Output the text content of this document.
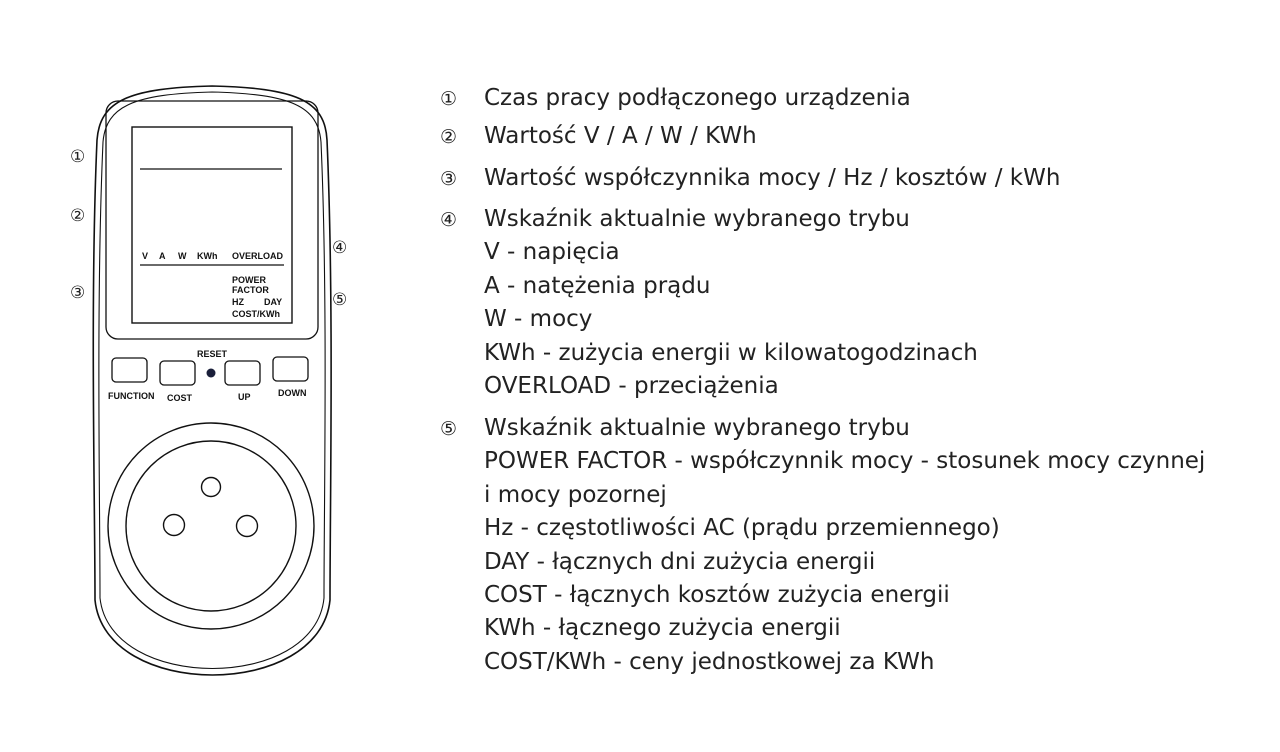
V A W KWh OVERLOAD
POWER
FACTOR
HZ DAY
COST/KWh
RESET
FUNCTION COST	UP	DOWN
①
②
③
④
⑤
①	Czas pracy podłączonego urządzenia
②	Wartość V / A / W / KWh
③	Wartość współczynnika mocy / Hz / kosztów / kWh
④	Wskaźnik aktualnie wybranego trybu
V - napięcia
A - natężenia prądu
W - mocy
KWh - zużycia energii w kilowatogodzinach
OVERLOAD - przeciążenia
⑤	Wskaźnik aktualnie wybranego trybu
POWER FACTOR - współczynnik mocy - stosunek mocy czynnej
i mocy pozornej
Hz - częstotliwości AC (prądu przemiennego)
DAY - łącznych dni zużycia energii
COST - łącznych kosztów zużycia energii
KWh - łącznego zużycia energii
COST/KWh - ceny jednostkowej za KWh
